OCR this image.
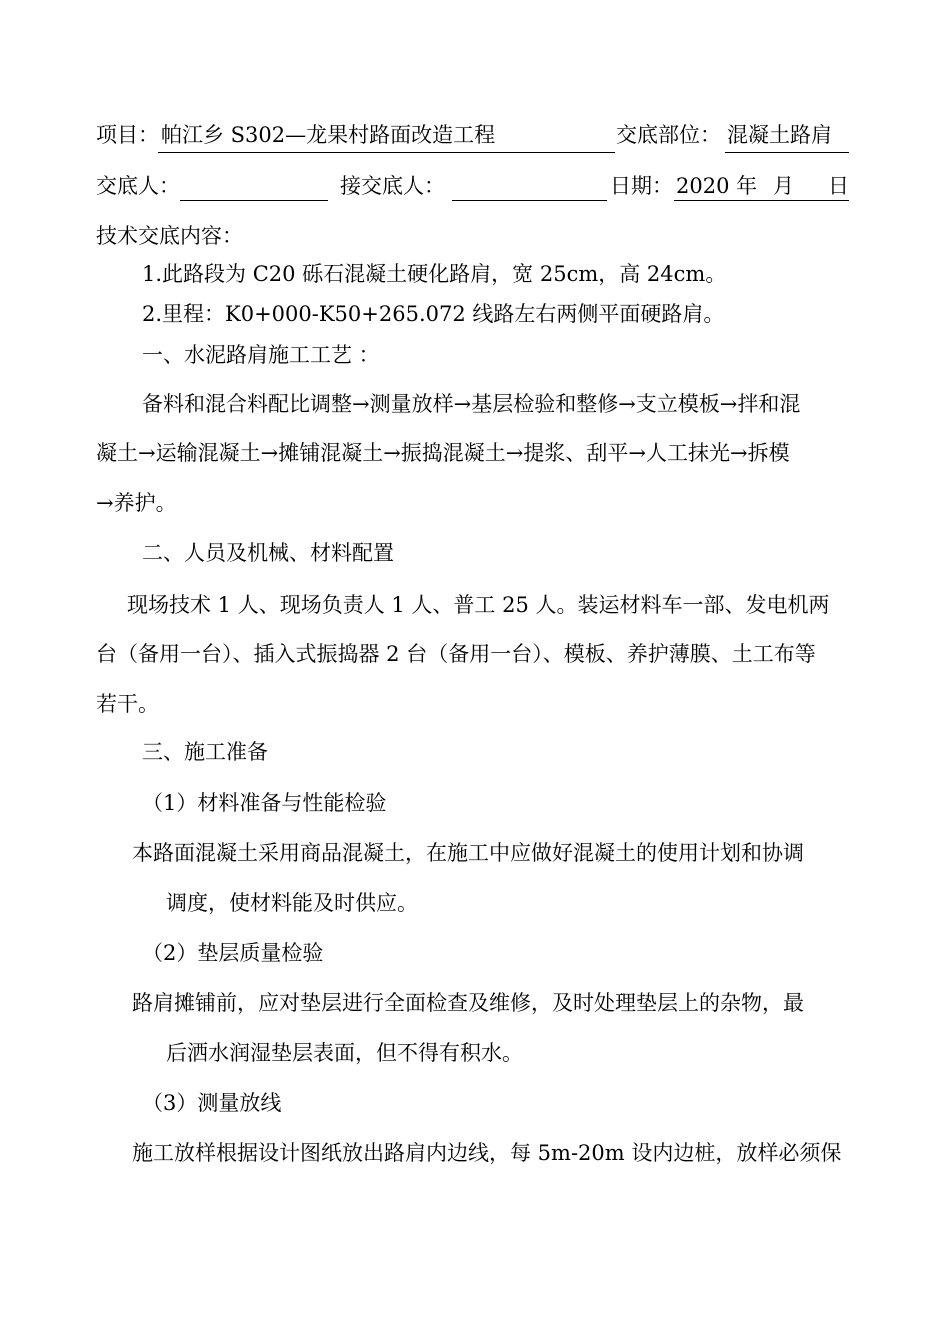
项目： 帕江乡 S302—龙果村路面改造工程	交底部位： 混凝土路肩
交底人：	接交底人：	日期： 2020 年 月 日
技术交底内容：
1.此路段为 C20 砾石混凝土硬化路肩，宽 25cm，高 24cm。
2.里程：K0+000-K50+265.072 线路左右两侧平面硬路肩。
一、水泥路肩施工工艺 ：
备料和混合料配比调整→测量放样→基层检验和整修→支立模板→拌和混
凝土→运输混凝土→摊铺混凝土→振捣混凝土→提浆、刮平→人工抹光→拆模
→养护。
二、人员及机械、材料配置
现场技术 1 人、现场负责人 1 人、普工 25 人。装运材料车一部、发电机两
台（备用一台）、插入式振捣器 2 台（备用一台）、模板、养护薄膜、土工布等
若干。
三、施工准备
（1）材料准备与性能检验
本路面混凝土采用商品混凝土，在施工中应做好混凝土的使用计划和协调
调度，使材料能及时供应。
（2）垫层质量检验
路肩摊铺前，应对垫层进行全面检查及维修，及时处理垫层上的杂物，最
后洒水润湿垫层表面，但不得有积水。
（3）测量放线
施工放样根据设计图纸放出路肩内边线，每 5m-20m 设内边桩，放样必须保
